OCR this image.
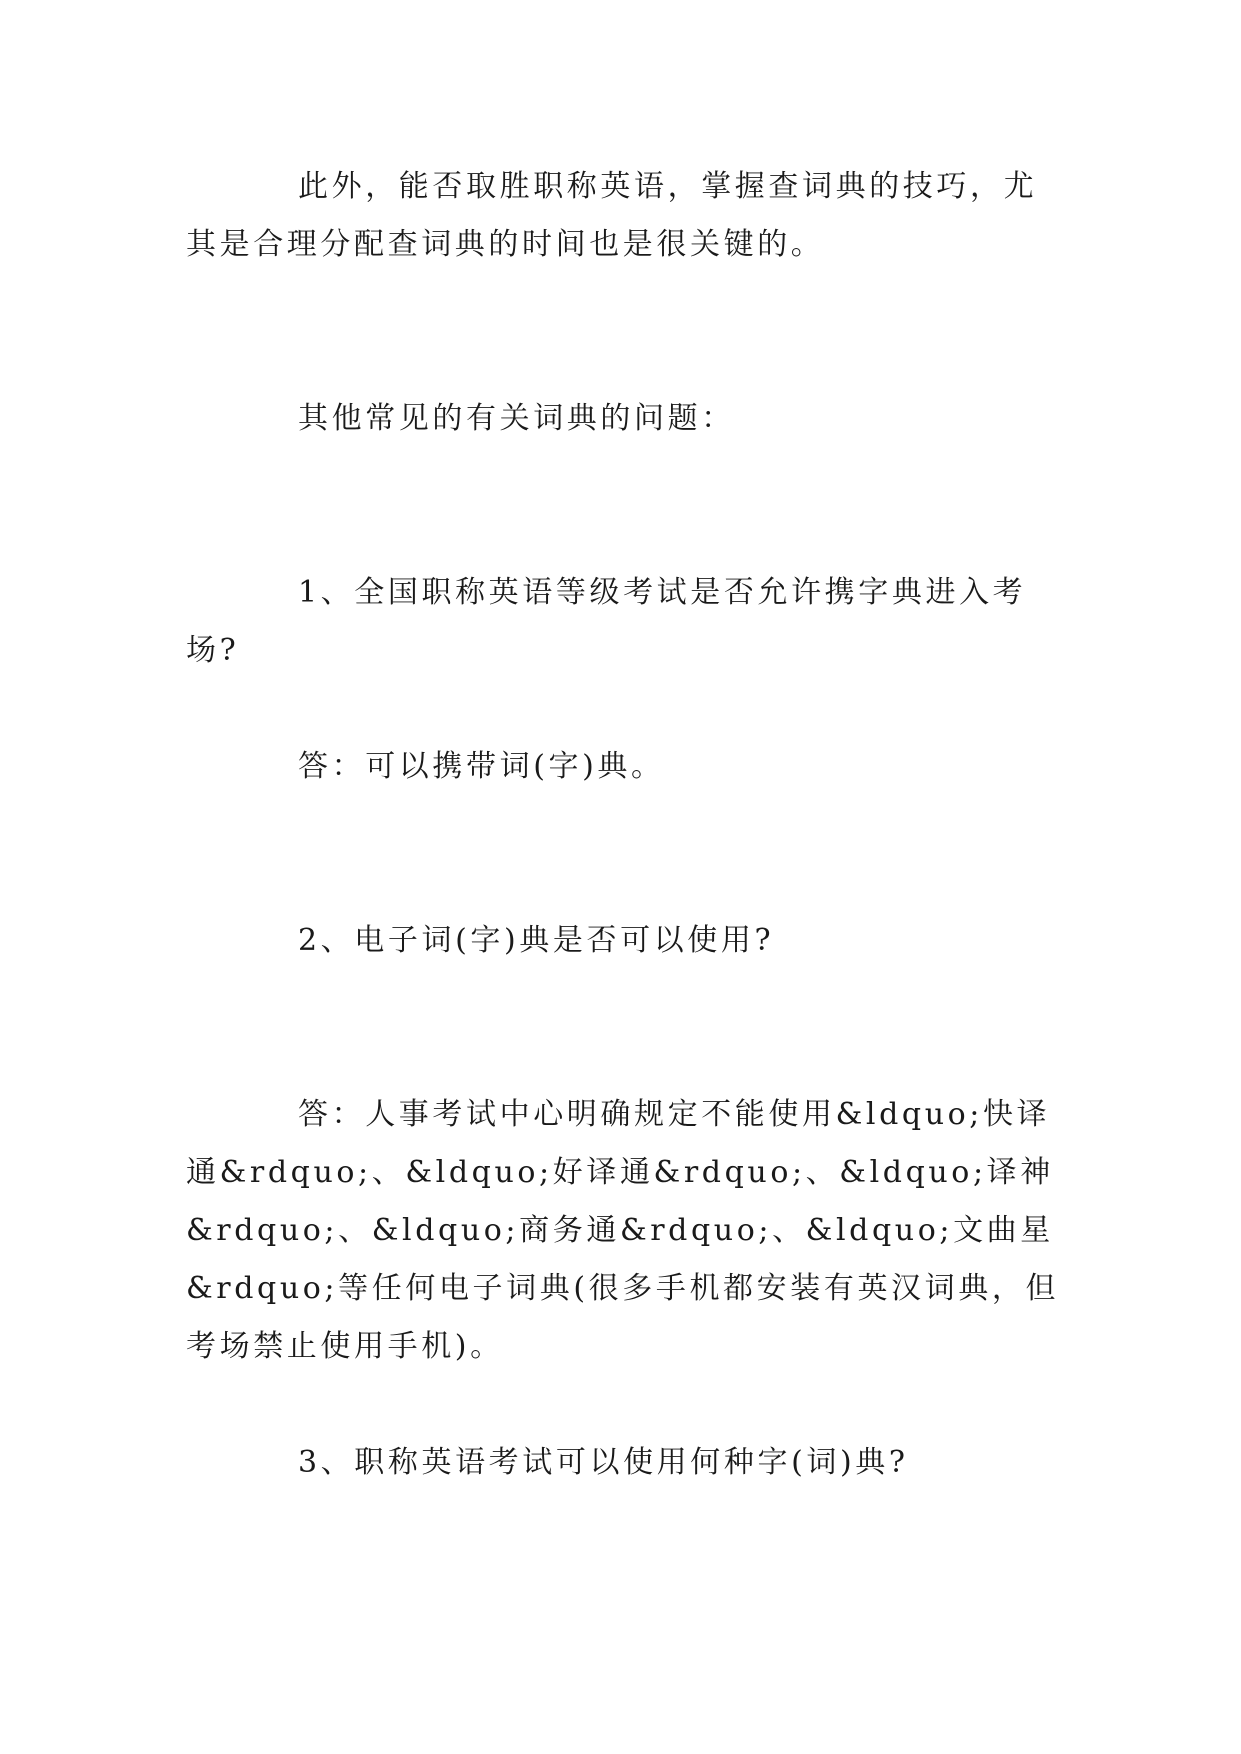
此外，能否取胜职称英语，掌握查词典的技巧，尤其是合理分配查词典的时间也是很关键的。

其他常见的有关词典的问题：

1、全国职称英语等级考试是否允许携字典进入考场?

答：可以携带词(字)典。

2、电子词(字)典是否可以使用?

答：人事考试中心明确规定不能使用&ldquo;快译通&rdquo;、&ldquo;好译通&rdquo;、&ldquo;译神&rdquo;、&ldquo;商务通&rdquo;、&ldquo;文曲星&rdquo;等任何电子词典(很多手机都安装有英汉词典，但考场禁止使用手机)。

3、职称英语考试可以使用何种字(词)典?
